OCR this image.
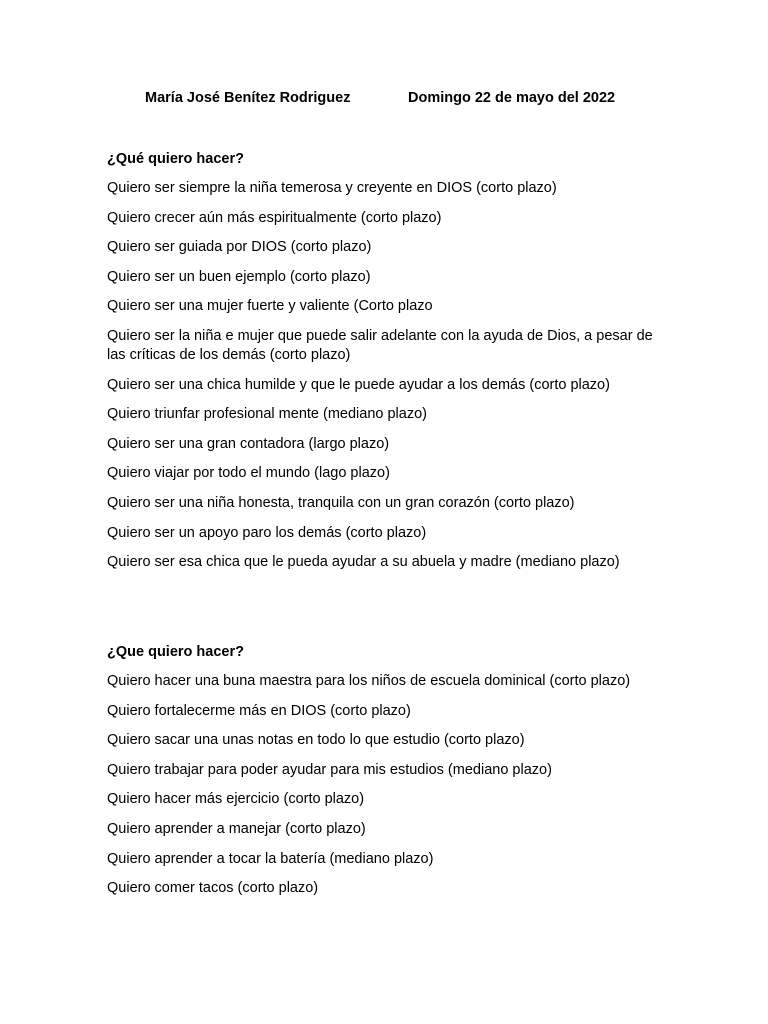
María José Benítez Rodriguez	Domingo 22 de mayo del 2022
¿Qué quiero hacer?
Quiero ser siempre la niña temerosa y creyente en DIOS (corto plazo)
Quiero crecer aún más espiritualmente (corto plazo)
Quiero ser guiada por DIOS (corto plazo)
Quiero ser un buen ejemplo (corto plazo)
Quiero ser una mujer fuerte y valiente (Corto plazo
Quiero ser la niña e mujer que puede salir adelante con la ayuda de Dios, a pesar de las críticas de los demás (corto plazo)
Quiero ser una chica humilde y que le puede ayudar a los demás (corto plazo)
Quiero triunfar profesional mente (mediano plazo)
Quiero ser una gran contadora (largo plazo)
Quiero viajar por todo el mundo (lago plazo)
Quiero ser una niña honesta, tranquila con un gran corazón (corto plazo)
Quiero ser un apoyo paro los demás (corto plazo)
Quiero ser esa chica que le pueda ayudar a su abuela y madre (mediano plazo)
¿Que quiero hacer?
Quiero hacer una buna maestra para los niños de escuela dominical (corto plazo)
Quiero fortalecerme más en DIOS (corto plazo)
Quiero sacar una unas notas en todo lo que estudio (corto plazo)
Quiero trabajar para poder ayudar para mis estudios (mediano plazo)
Quiero hacer más ejercicio (corto plazo)
Quiero aprender a manejar (corto plazo)
Quiero aprender a tocar la batería (mediano plazo)
Quiero comer tacos (corto plazo)
